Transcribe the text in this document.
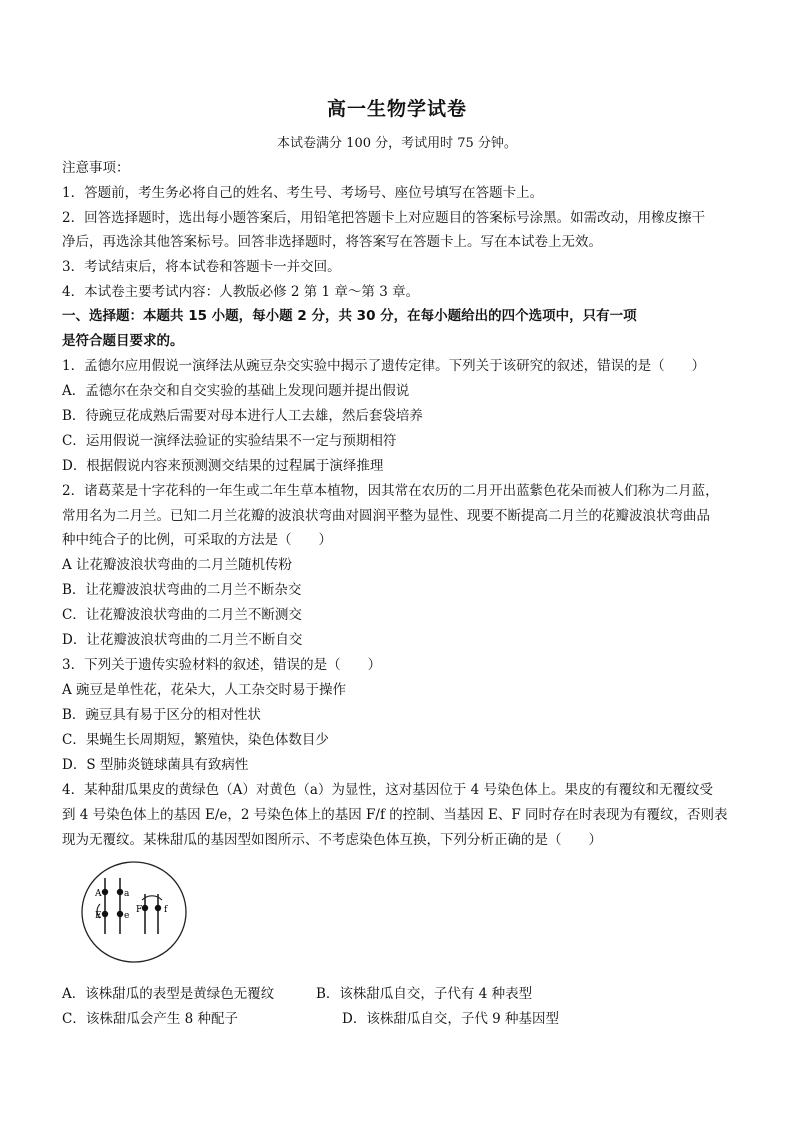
高一生物学试卷
本试卷满分 100 分，考试用时 75 分钟。
注意事项：
1．答题前，考生务必将自己的姓名、考生号、考场号、座位号填写在答题卡上。
2．回答选择题时，选出每小题答案后，用铅笔把答题卡上对应题目的答案标号涂黑。如需改动，用橡皮擦干
净后，再选涂其他答案标号。回答非选择题时，将答案写在答题卡上。写在本试卷上无效。
3．考试结束后，将本试卷和答题卡一并交回。
4．本试卷主要考试内容：人教版必修 2 第 1 章～第 3 章。
一、选择题：本题共 15 小题，每小题 2 分，共 30 分，在每小题给出的四个选项中，只有一项
是符合题目要求的。
1．孟德尔应用假说一演绎法从豌豆杂交实验中揭示了遗传定律。下列关于该研究的叙述，错误的是（　　）
A．孟德尔在杂交和自交实验的基础上发现问题并提出假说
B．待豌豆花成熟后需要对母本进行人工去雄，然后套袋培养
C．运用假说一演绎法验证的实验结果不一定与预期相符
D．根据假说内容来预测测交结果的过程属于演绎推理
2．诸葛菜是十字花科的一年生或二年生草本植物，因其常在农历的二月开出蓝紫色花朵而被人们称为二月蓝，
常用名为二月兰。已知二月兰花瓣的波浪状弯曲对圆润平整为显性、现要不断提高二月兰的花瓣波浪状弯曲品
种中纯合子的比例，可采取的方法是（　　）
A 让花瓣波浪状弯曲的二月兰随机传粉
B．让花瓣波浪状弯曲的二月兰不断杂交
C．让花瓣波浪状弯曲的二月兰不断测交
D．让花瓣波浪状弯曲的二月兰不断自交
3．下列关于遗传实验材料的叙述，错误的是（　　）
A 豌豆是单性花，花朵大，人工杂交时易于操作
B．豌豆具有易于区分的相对性状
C．果蝇生长周期短，繁殖快，染色体数目少
D．S 型肺炎链球菌具有致病性
4．某种甜瓜果皮的黄绿色（A）对黄色（a）为显性，这对基因位于 4 号染色体上。果皮的有覆纹和无覆纹受
到 4 号染色体上的基因 E/e，2 号染色体上的基因 F/f 的控制、当基因 E、F 同时存在时表现为有覆纹，否则表
现为无覆纹。某株甜瓜的基因型如图所示、不考虑染色体互换，下列分析正确的是（　　）
A	a
E e
F f
A．该株甜瓜的表型是黄绿色无覆纹	B．该株甜瓜自交，子代有 4 种表型
C．该株甜瓜会产生 8 种配子	D．该株甜瓜自交，子代 9 种基因型
